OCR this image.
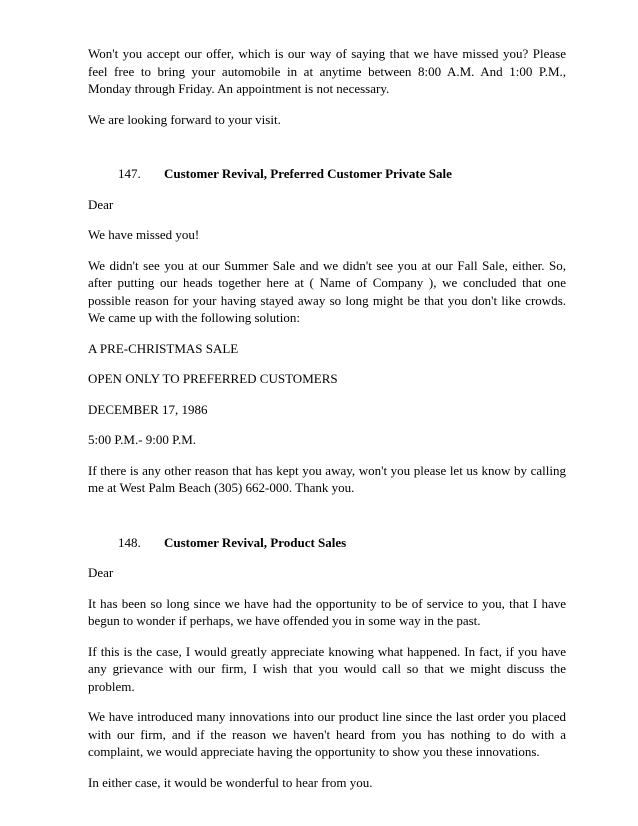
Won't you accept our offer, which is our way of saying that we have missed you? Please feel free to bring your automobile in at anytime between 8:00 A.M. And 1:00 P.M., Monday through Friday. An appointment is not necessary.

We are looking forward to your visit.

147.	Customer Revival, Preferred Customer Private Sale

Dear

We have missed you!

We didn't see you at our Summer Sale and we didn't see you at our Fall Sale, either. So, after putting our heads together here at ( Name of Company ), we concluded that one possible reason for your having stayed away so long might be that you don't like crowds. We came up with the following solution:

A PRE-CHRISTMAS SALE

OPEN ONLY TO PREFERRED CUSTOMERS

DECEMBER 17, 1986

5:00 P.M.- 9:00 P.M.

If there is any other reason that has kept you away, won't you please let us know by calling me at West Palm Beach (305) 662-000. Thank you.

148.	Customer Revival, Product Sales

Dear

It has been so long since we have had the opportunity to be of service to you, that I have begun to wonder if perhaps, we have offended you in some way in the past.

If this is the case, I would greatly appreciate knowing what happened. In fact, if you have any grievance with our firm, I wish that you would call so that we might discuss the problem.

We have introduced many innovations into our product line since the last order you placed with our firm, and if the reason we haven't heard from you has nothing to do with a complaint, we would appreciate having the opportunity to show you these innovations.

In either case, it would be wonderful to hear from you.
